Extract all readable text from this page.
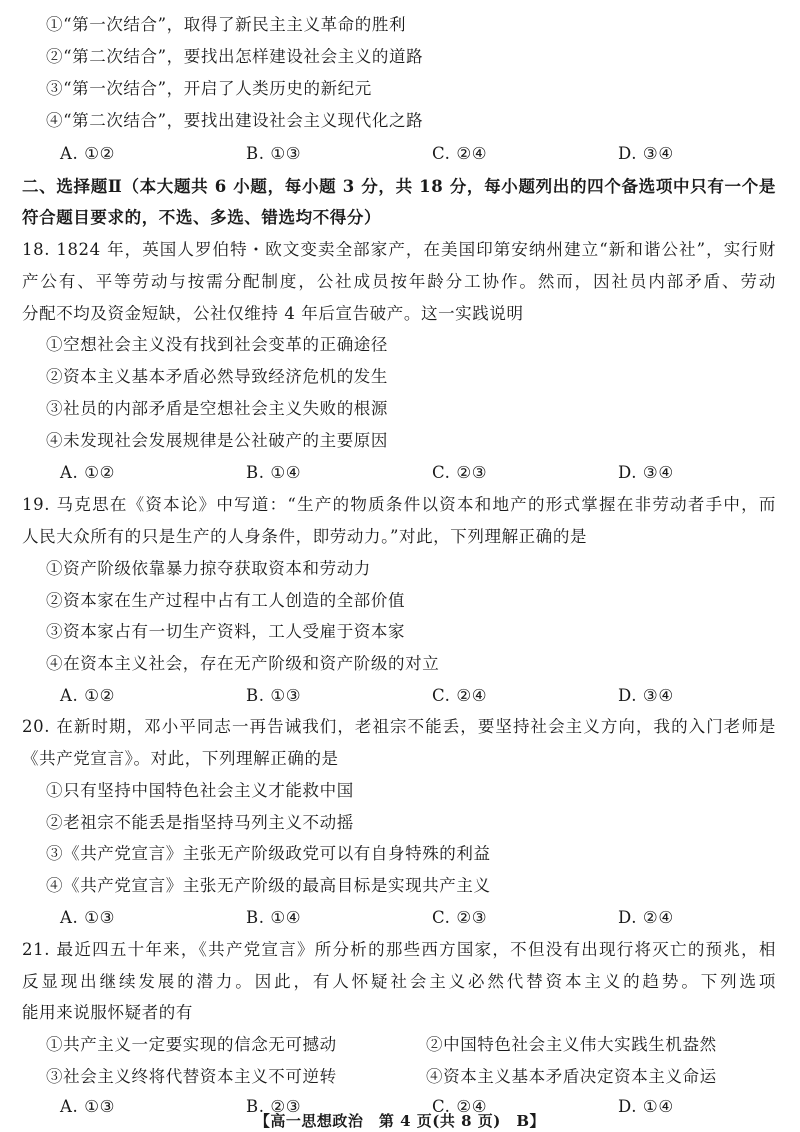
①“第一次结合”，取得了新民主主义革命的胜利
②“第二次结合”，要找出怎样建设社会主义的道路
③“第一次结合”，开启了人类历史的新纪元
④“第二次结合”，要找出建设社会主义现代化之路
A. ①②	B. ①③	C. ②④	D. ③④
二、选择题Ⅱ（本大题共 6 小题，每小题 3 分，共 18 分，每小题列出的四个备选项中只有一个是
符合题目要求的，不选、多选、错选均不得分）
18. 1824 年，英国人罗伯特・欧文变卖全部家产，在美国印第安纳州建立“新和谐公社”，实行财
产公有、平等劳动与按需分配制度，公社成员按年龄分工协作。然而，因社员内部矛盾、劳动
分配不均及资金短缺，公社仅维持 4 年后宣告破产。这一实践说明
①空想社会主义没有找到社会变革的正确途径
②资本主义基本矛盾必然导致经济危机的发生
③社员的内部矛盾是空想社会主义失败的根源
④未发现社会发展规律是公社破产的主要原因
A. ①②	B. ①④	C. ②③	D. ③④
19. 马克思在《资本论》中写道：“生产的物质条件以资本和地产的形式掌握在非劳动者手中，而
人民大众所有的只是生产的人身条件，即劳动力。”对此，下列理解正确的是
①资产阶级依靠暴力掠夺获取资本和劳动力
②资本家在生产过程中占有工人创造的全部价值
③资本家占有一切生产资料，工人受雇于资本家
④在资本主义社会，存在无产阶级和资产阶级的对立
A. ①②	B. ①③	C. ②④	D. ③④
20. 在新时期，邓小平同志一再告诫我们，老祖宗不能丢，要坚持社会主义方向，我的入门老师是
《共产党宣言》。对此，下列理解正确的是
①只有坚持中国特色社会主义才能救中国
②老祖宗不能丢是指坚持马列主义不动摇
③《共产党宣言》主张无产阶级政党可以有自身特殊的利益
④《共产党宣言》主张无产阶级的最高目标是实现共产主义
A. ①③	B. ①④	C. ②③	D. ②④
21. 最近四五十年来，《共产党宣言》所分析的那些西方国家，不但没有出现行将灭亡的预兆，相
反显现出继续发展的潜力。因此，有人怀疑社会主义必然代替资本主义的趋势。下列选项
能用来说服怀疑者的有
①共产主义一定要实现的信念无可撼动	②中国特色社会主义伟大实践生机盎然
③社会主义终将代替资本主义不可逆转	④资本主义基本矛盾决定资本主义命运
A. ①③	B. ②③	C. ②④	D. ①④
【高一思想政治　第 4 页(共 8 页)　B】
